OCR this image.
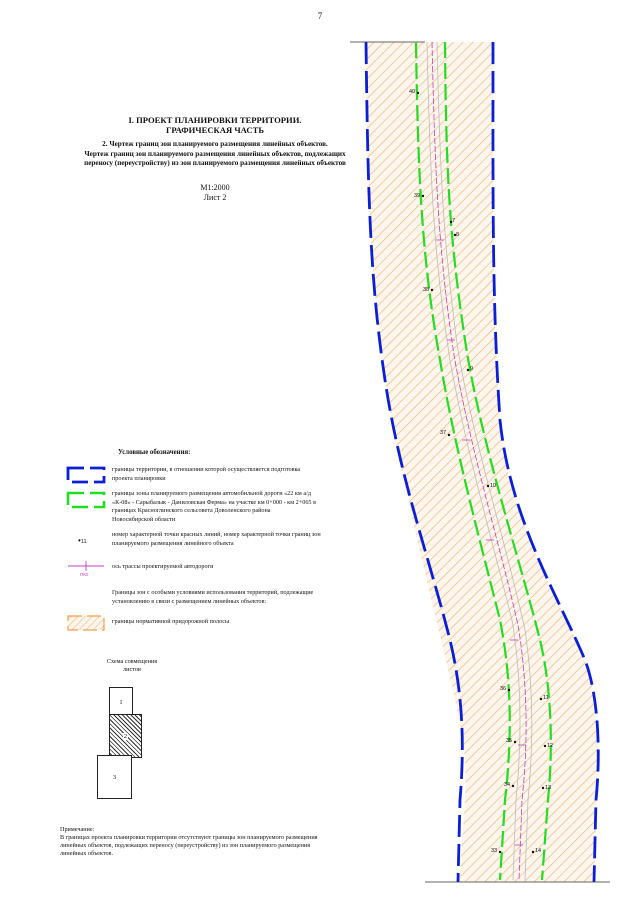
7
I. ПРОЕКТ ПЛАНИРОВКИ ТЕРРИТОРИИ.
ГРАФИЧЕСКАЯ ЧАСТЬ
2. Чертеж границ зон планируемого размещения линейных объектов.
Чертеж границ зон планируемого размещения линейных объектов, подлежащих
переносу (переустройству) из зон планируемого размещения линейных объектов
М1:2000
Лист 2
40
39
38
37
36
35
34
33
7
8
9
10
11
12
13
14
Условные обозначения:
границы территории, в отношении которой осуществляется подготовка
проекта планировки
границы зоны планируемого размещения автомобильной дороги «22 км а/д
«К-08» - Сарыбалык - Даниловская Ферма» на участке км 0+000 - км 2+065 в
границах Красноглинского сельсовета Доволенского района
Новосибирской области
•11
номер характерной точки красных линий, номер характерной точки границ зон
планируемого размещения линейного объекта
ПК0
ось трассы проектируемой автодороги
Границы зон с особыми условиями использования территорий, подлежащие
установлению в связи с размещением линейных объектов:
границы нормативной придорожной полосы
Схема совмещения
листов
1
2
3
Примечание:
В границах проекта планировки территории отсутствуют границы зон планируемого размещения
линейных объектов, подлежащих переносу (переустройству) из зон планируемого размещения
линейных объектов.
